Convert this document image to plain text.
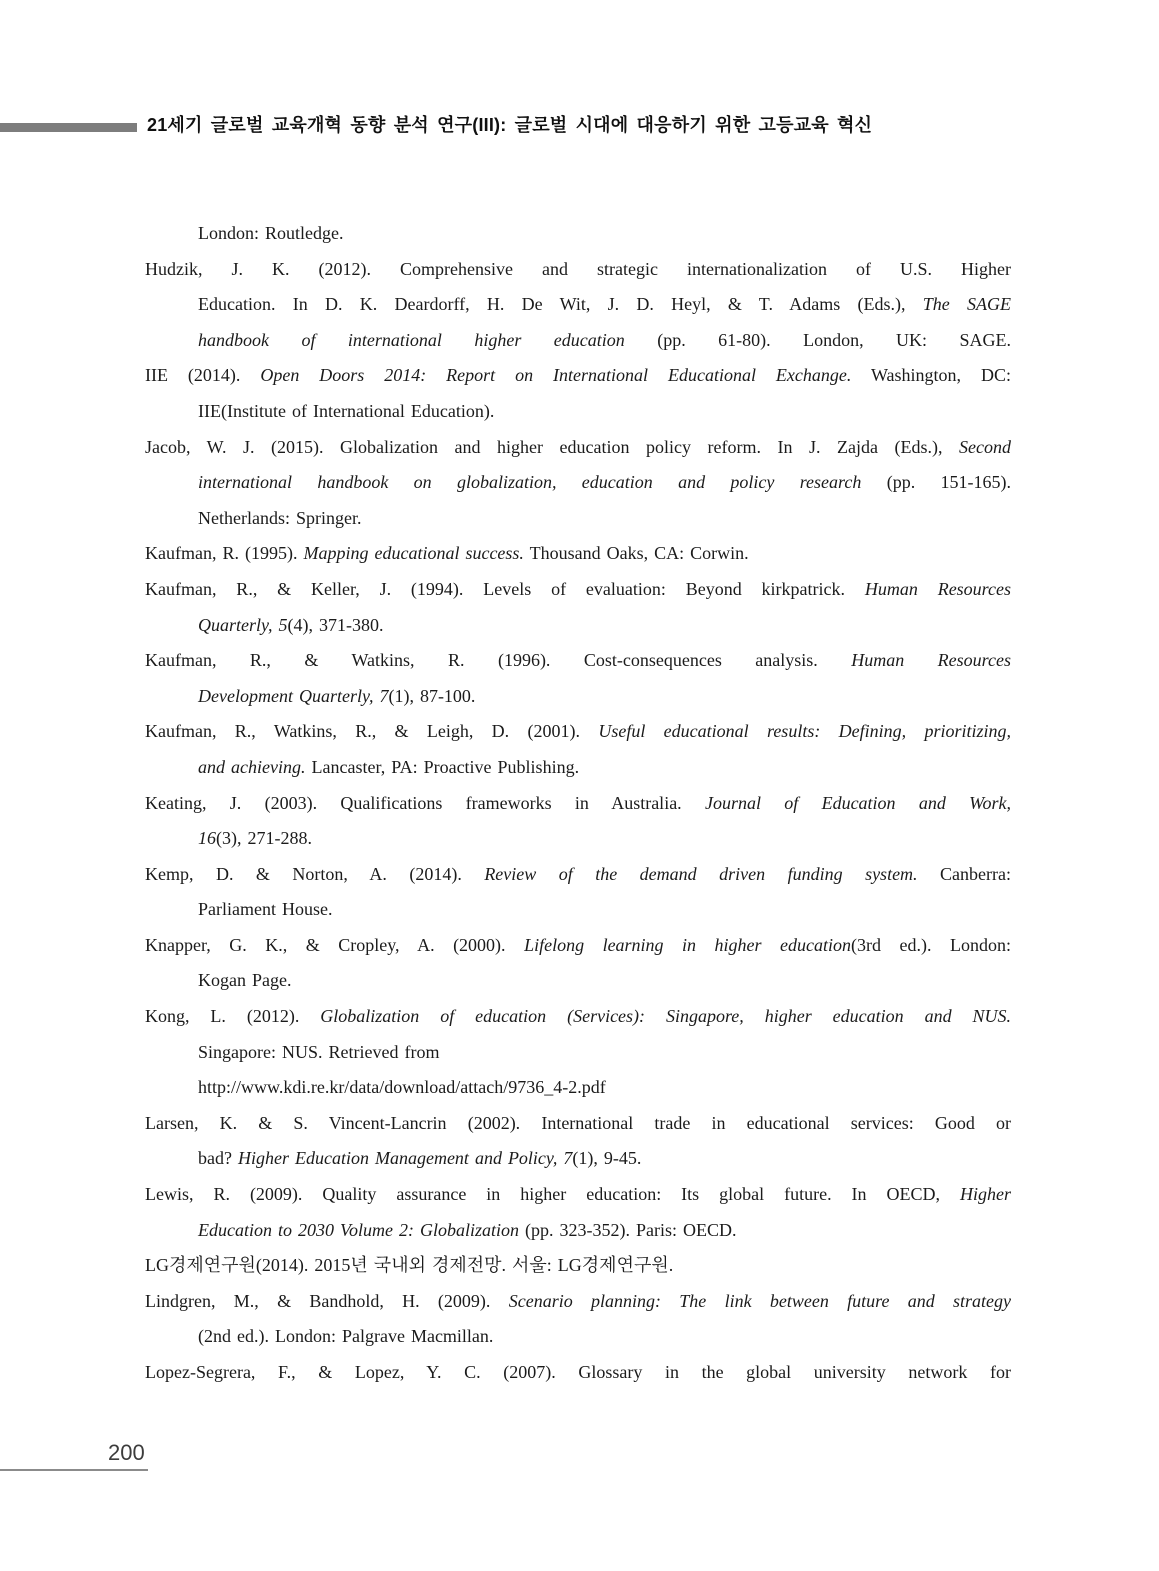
21세기 글로벌 교육개혁 동향 분석 연구(III): 글로벌 시대에 대응하기 위한 고등교육 혁신
London: Routledge.
Hudzik, J. K. (2012). Comprehensive and strategic internationalization of U.S. Higher
Education. In D. K. Deardorff, H. De Wit, J. D. Heyl, & T. Adams (Eds.), The SAGE
handbook of international higher education (pp. 61-80). London, UK: SAGE.
IIE (2014). Open Doors 2014: Report on International Educational Exchange. Washington, DC:
IIE(Institute of International Education).
Jacob, W. J. (2015). Globalization and higher education policy reform. In J. Zajda (Eds.), Second
international handbook on globalization, education and policy research (pp. 151-165).
Netherlands: Springer.
Kaufman, R. (1995). Mapping educational success. Thousand Oaks, CA: Corwin.
Kaufman, R., & Keller, J. (1994). Levels of evaluation: Beyond kirkpatrick. Human Resources
Quarterly, 5(4), 371-380.
Kaufman, R., & Watkins, R. (1996). Cost-consequences analysis. Human Resources
Development Quarterly, 7(1), 87-100.
Kaufman, R., Watkins, R., & Leigh, D. (2001). Useful educational results: Defining, prioritizing,
and achieving. Lancaster, PA: Proactive Publishing.
Keating, J. (2003). Qualifications frameworks in Australia. Journal of Education and Work,
16(3), 271-288.
Kemp, D. & Norton, A. (2014). Review of the demand driven funding system. Canberra:
Parliament House.
Knapper, G. K., & Cropley, A. (2000). Lifelong learning in higher education(3rd ed.). London:
Kogan Page.
Kong, L. (2012). Globalization of education (Services): Singapore, higher education and NUS.
Singapore: NUS. Retrieved from
http://www.kdi.re.kr/data/download/attach/9736_4-2.pdf
Larsen, K. & S. Vincent-Lancrin (2002). International trade in educational services: Good or
bad? Higher Education Management and Policy, 7(1), 9-45.
Lewis, R. (2009). Quality assurance in higher education: Its global future. In OECD, Higher
Education to 2030 Volume 2: Globalization (pp. 323-352). Paris: OECD.
LG경제연구원(2014). 2015년 국내외 경제전망. 서울: LG경제연구원.
Lindgren, M., & Bandhold, H. (2009). Scenario planning: The link between future and strategy
(2nd ed.). London: Palgrave Macmillan.
Lopez-Segrera, F., & Lopez, Y. C. (2007). Glossary in the global university network for
200
